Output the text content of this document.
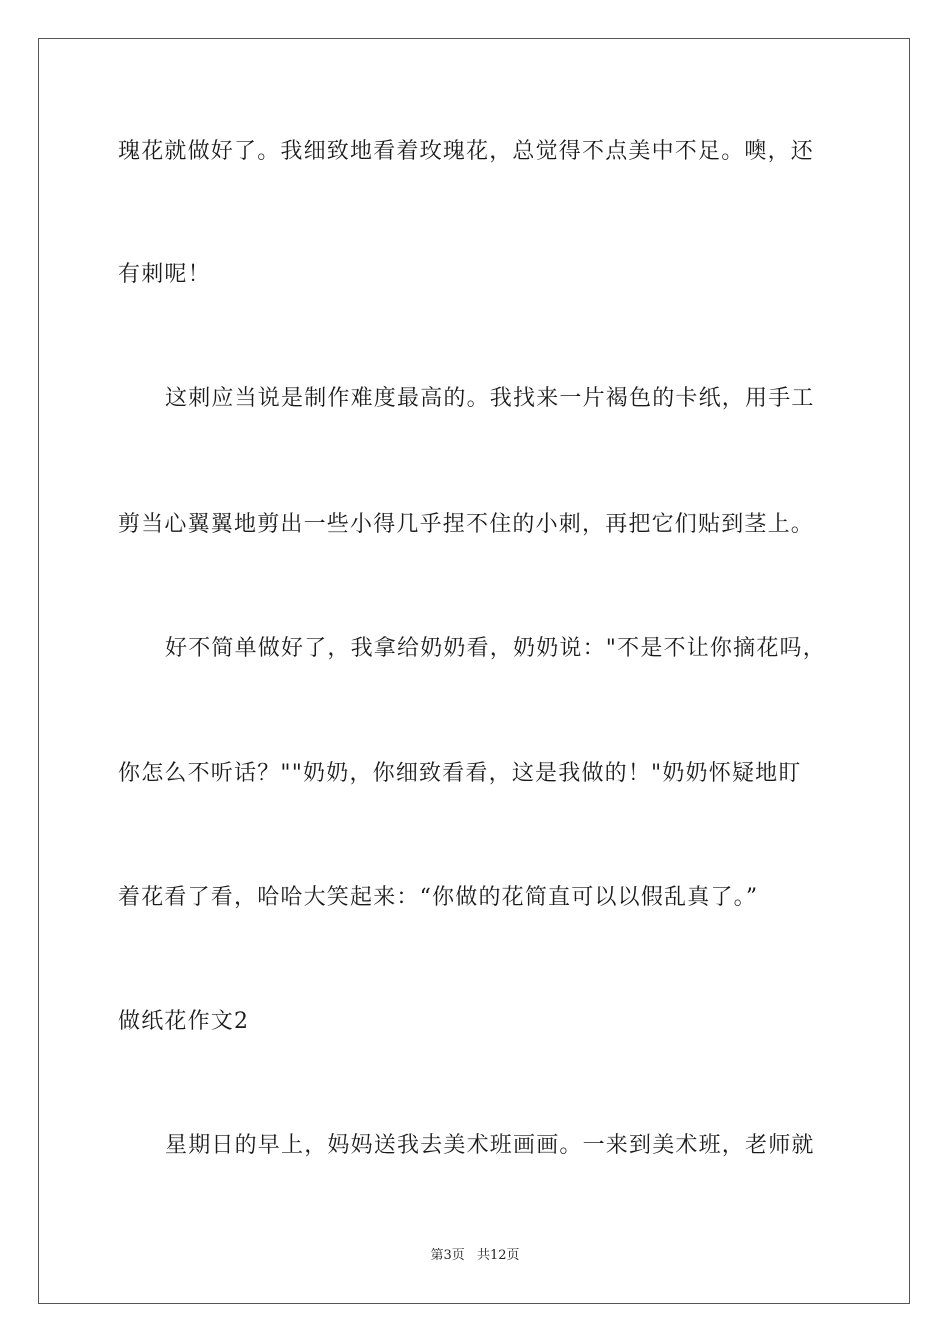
瑰花就做好了。我细致地看着玫瑰花，总觉得不点美中不足。噢，还
有刺呢！
这刺应当说是制作难度最高的。我找来一片褐色的卡纸，用手工
剪当心翼翼地剪出一些小得几乎捏不住的小刺，再把它们贴到茎上。
好不简单做好了，我拿给奶奶看，奶奶说："不是不让你摘花吗，
你怎么不听话？""奶奶，你细致看看，这是我做的！"奶奶怀疑地盯
着花看了看，哈哈大笑起来：“你做的花简直可以以假乱真了。”
做纸花作文2
星期日的早上，妈妈送我去美术班画画。一来到美术班，老师就
第3页 共12页
